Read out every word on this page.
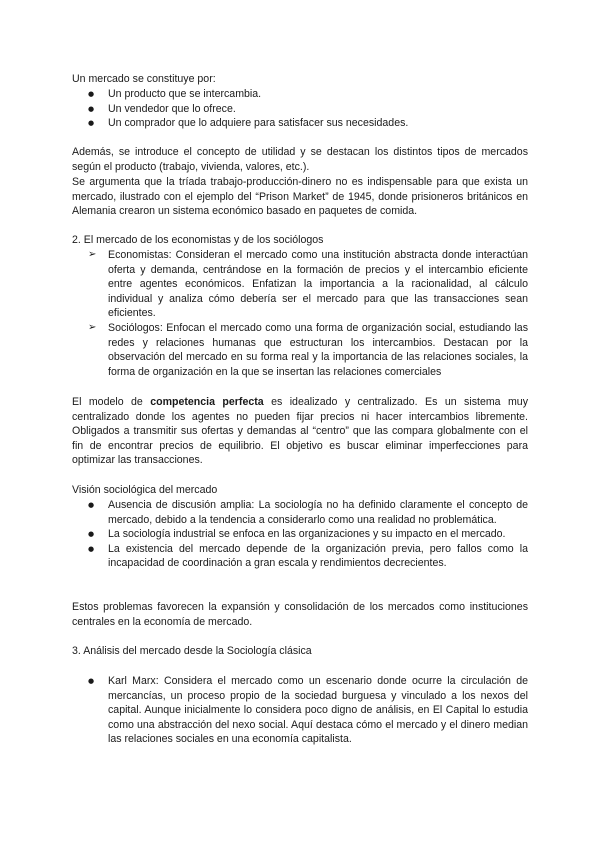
Un mercado se constituye por:

● Un producto que se intercambia.
● Un vendedor que lo ofrece.
● Un comprador que lo adquiere para satisfacer sus necesidades.

Además, se introduce el concepto de utilidad y se destacan los distintos tipos de mercados según el producto (trabajo, vivienda, valores, etc.).

Se argumenta que la tríada trabajo-producción-dinero no es indispensable para que exista un mercado, ilustrado con el ejemplo del “Prison Market” de 1945, donde prisioneros británicos en Alemania crearon un sistema económico basado en paquetes de comida.

2. El mercado de los economistas y de los sociólogos

➢ Economistas: Consideran el mercado como una institución abstracta donde interactúan oferta y demanda, centrándose en la formación de precios y el intercambio eficiente entre agentes económicos. Enfatizan la importancia a la racionalidad, al cálculo individual y analiza cómo debería ser el mercado para que las transacciones sean eficientes.
➢ Sociólogos: Enfocan el mercado como una forma de organización social, estudiando las redes y relaciones humanas que estructuran los intercambios. Destacan por la observación del mercado en su forma real y la importancia de las relaciones sociales, la forma de organización en la que se insertan las relaciones comerciales

El modelo de competencia perfecta es idealizado y centralizado. Es un sistema muy centralizado donde los agentes no pueden fijar precios ni hacer intercambios libremente. Obligados a transmitir sus ofertas y demandas al “centro” que las compara globalmente con el fin de encontrar precios de equilibrio. El objetivo es buscar eliminar imperfecciones para optimizar las transacciones.

Visión sociológica del mercado

● Ausencia de discusión amplia: La sociología no ha definido claramente el concepto de mercado, debido a la tendencia a considerarlo como una realidad no problemática.
● La sociología industrial se enfoca en las organizaciones y su impacto en el mercado.
● La existencia del mercado depende de la organización previa, pero fallos como la incapacidad de coordinación a gran escala y rendimientos decrecientes.

Estos problemas favorecen la expansión y consolidación de los mercados como instituciones centrales en la economía de mercado.

3. Análisis del mercado desde la Sociología clásica

● Karl Marx: Considera el mercado como un escenario donde ocurre la circulación de mercancías, un proceso propio de la sociedad burguesa y vinculado a los nexos del capital. Aunque inicialmente lo considera poco digno de análisis, en El Capital lo estudia como una abstracción del nexo social. Aquí destaca cómo el mercado y el dinero median las relaciones sociales en una economía capitalista.
